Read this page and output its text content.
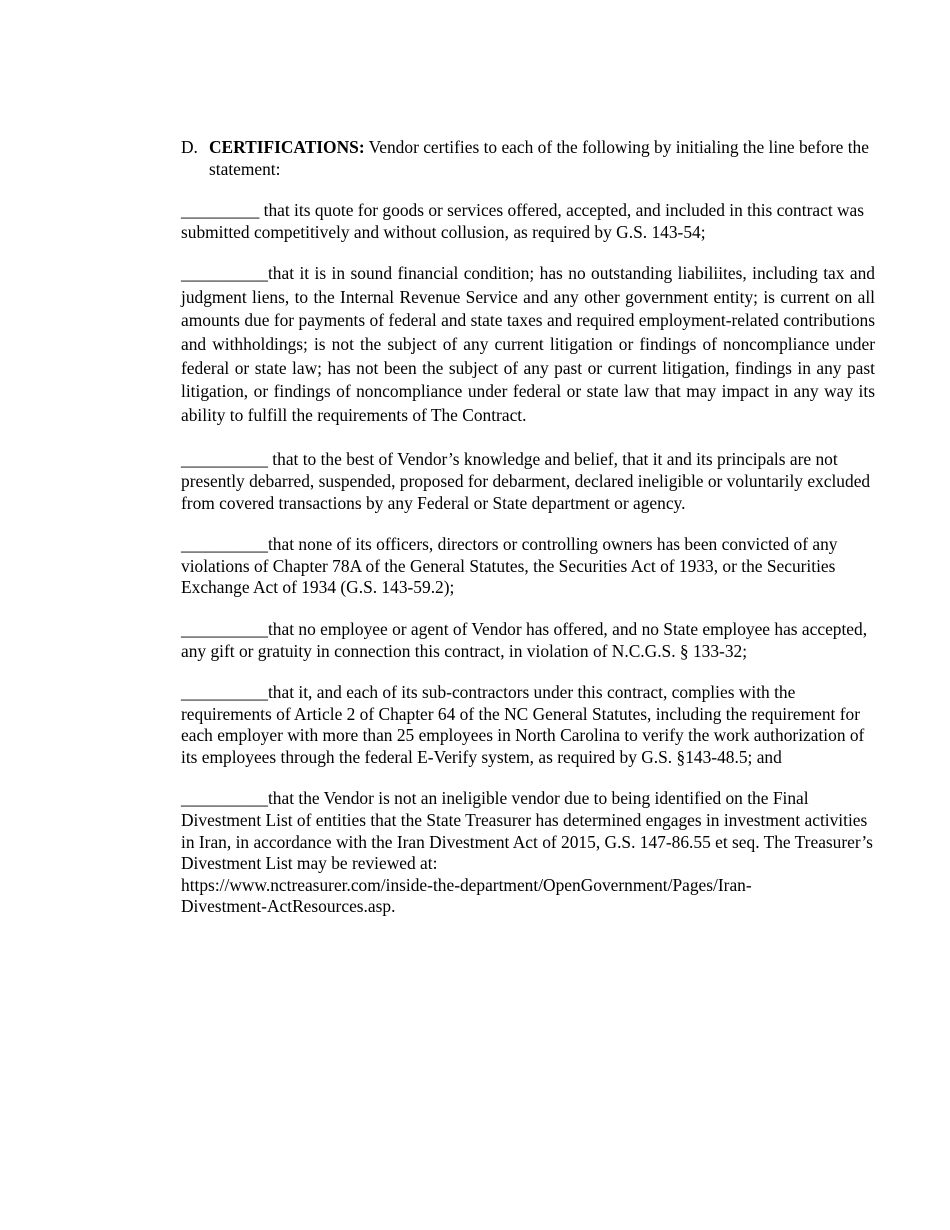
D. CERTIFICATIONS: Vendor certifies to each of the following by initialing the line before the statement:

_________ that its quote for goods or services offered, accepted, and included in this contract was submitted competitively and without collusion, as required by G.S. 143-54;

__________that it is in sound financial condition; has no outstanding liabiliites, including tax and judgment liens, to the Internal Revenue Service and any other government entity; is current on all amounts due for payments of federal and state taxes and required employment-related contributions and withholdings; is not the subject of any current litigation or findings of noncompliance under federal or state law; has not been the subject of any past or current litigation, findings in any past litigation, or findings of noncompliance under federal or state law that may impact in any way its ability to fulfill the requirements of The Contract.

__________ that to the best of Vendor’s knowledge and belief, that it and its principals are not presently debarred, suspended, proposed for debarment, declared ineligible or voluntarily excluded from covered transactions by any Federal or State department or agency.

__________that none of its officers, directors or controlling owners has been convicted of any violations of Chapter 78A of the General Statutes, the Securities Act of 1933, or the Securities Exchange Act of 1934 (G.S. 143-59.2);

__________that no employee or agent of Vendor has offered, and no State employee has accepted, any gift or gratuity in connection this contract, in violation of N.C.G.S. § 133-32;

__________that it, and each of its sub-contractors under this contract, complies with the requirements of Article 2 of Chapter 64 of the NC General Statutes, including the requirement for each employer with more than 25 employees in North Carolina to verify the work authorization of its employees through the federal E-Verify system, as required by G.S. §143-48.5; and

__________that the Vendor is not an ineligible vendor due to being identified on the Final Divestment List of entities that the State Treasurer has determined engages in investment activities in Iran, in accordance with the Iran Divestment Act of 2015, G.S. 147-86.55 et seq. The Treasurer’s Divestment List may be reviewed at:

https://www.nctreasurer.com/inside-the-department/OpenGovernment/Pages/Iran-
Divestment-ActResources.asp.
